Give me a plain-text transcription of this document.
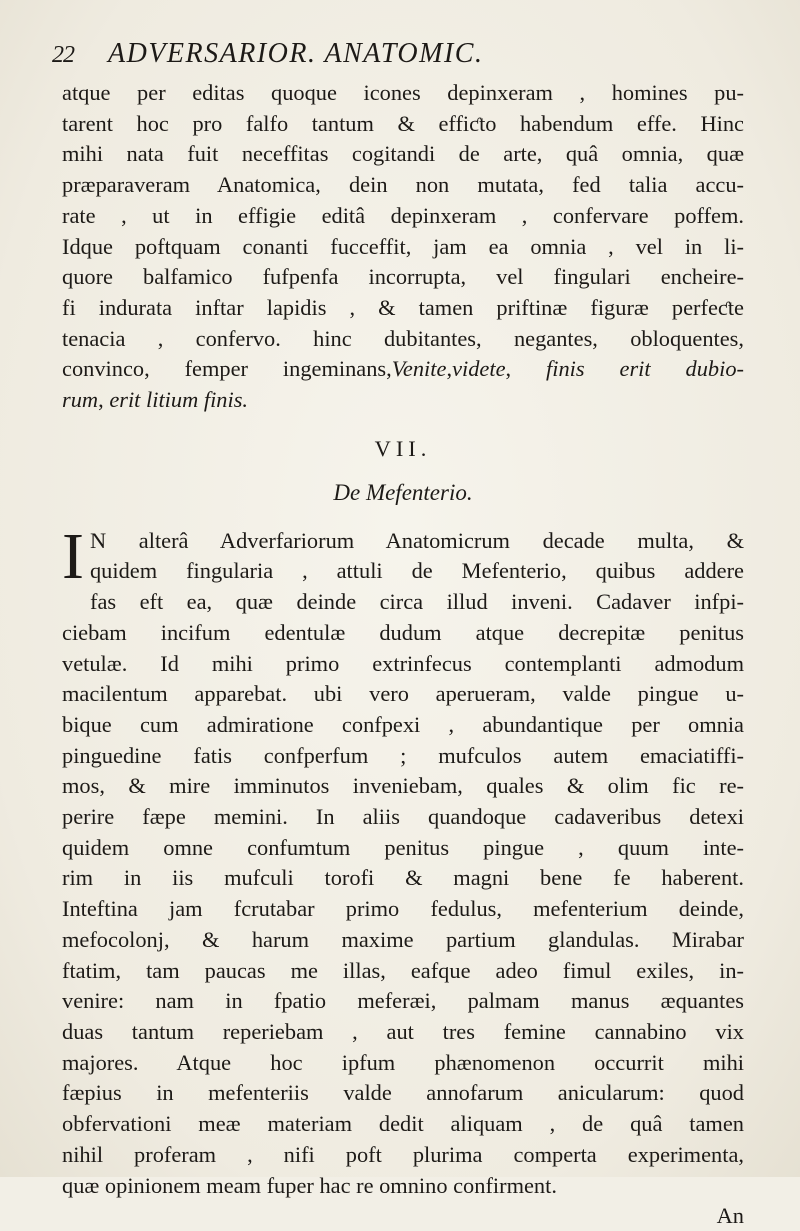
22	ADVERSARIOR. ANATOMIC.
atque per editas quoque icones depinxeram , homines pu-
tarent hoc pro falfo tantum & effiƈto habendum effe. Hinc
mihi nata fuit neceffitas cogitandi de arte, quâ omnia, quæ
præparaveram Anatomica, dein non mutata, fed talia accu-
rate , ut in effigie editâ depinxeram , confervare poffem.
Idque poftquam conanti fucceffit, jam ea omnia , vel in li-
quore balfamico fufpenfa incorrupta, vel fingulari encheire-
fi indurata inftar lapidis , & tamen priftinæ figuræ perfeƈte
tenacia , confervo. hinc dubitantes, negantes, obloquentes,
convinco, femper ingeminans,Venite,videte, finis erit dubio-
rum, erit litium finis.
VII.
De Mefenterio.
I N alterâ Adverfariorum Anatomicrum decade multa, &
quidem fingularia , attuli de Mefenterio, quibus addere
fas eft ea, quæ deinde circa illud inveni. Cadaver infpi-
ciebam incifum edentulæ dudum atque decrepitæ penitus
vetulæ. Id mihi primo extrinfecus contemplanti admodum
macilentum apparebat. ubi vero aperueram, valde pingue u-
bique cum admiratione confpexi , abundantique per omnia
pinguedine fatis confperfum ; mufculos autem emaciatiffi-
mos, & mire imminutos inveniebam, quales & olim fic re-
perire fæpe memini. In aliis quandoque cadaveribus detexi
quidem omne confumtum penitus pingue , quum inte-
rim in iis mufculi torofi & magni bene fe haberent.
Inteftina jam fcrutabar primo fedulus, mefenterium deinde,
mefocolonj, & harum maxime partium glandulas. Mirabar
ftatim, tam paucas me illas, eafque adeo fimul exiles, in-
venire: nam in fpatio meferæi, palmam manus æquantes
duas tantum reperiebam , aut tres femine cannabino vix
majores. Atque hoc ipfum phænomenon occurrit mihi
fæpius in mefenteriis valde annofarum anicularum: quod
obfervationi meæ materiam dedit aliquam , de quâ tamen
nihil proferam , nifi poft plurima comperta experimenta,
quæ opinionem meam fuper hac re omnino confirment.
An
